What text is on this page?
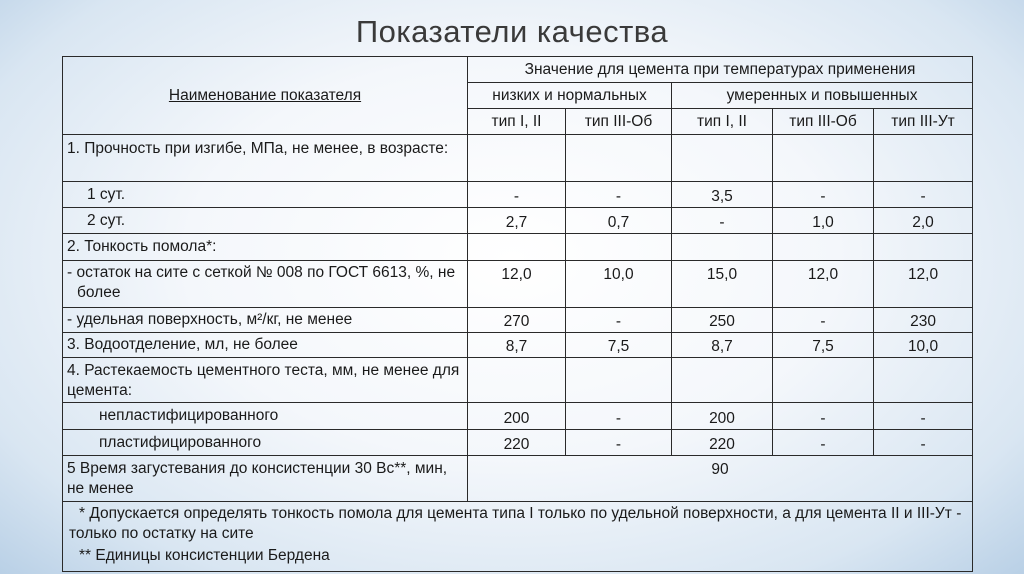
Показатели качества
Наименование показателя	Значение для цемента при температурах применения				
	низких и нормальных		умеренных и повышенных		
	тип I, II	тип III-Об	тип I, II	тип III-Об	тип III-Ут
1. Прочность при изгибе, МПа, не менее, в возрасте:					
1 сут.	-	-	3,5	-	-
2 сут.	2,7	0,7	-	1,0	2,0
2. Тонкость помола*:					
- остаток на сите с сеткой № 008 по ГОСТ 6613, %, не более	12,0	10,0	15,0	12,0	12,0
- удельная поверхность, м²/кг, не менее	270	-	250	-	230
3. Водоотделение, мл, не более	8,7	7,5	8,7	7,5	10,0
4. Растекаемость цементного теста, мм, не менее для цемента:					
непластифицированного	200	-	200	-	-
пластифицированного	220	-	220	-	-
5 Время загустевания до консистенции 30 Вс**, мин, не менее	90				

* Допускается определять тонкость помола для цемента типа I только по удельной поверхности, а для цемента II и III-Ут - только по остатку на сите

** Единицы консистенции Бердена					
